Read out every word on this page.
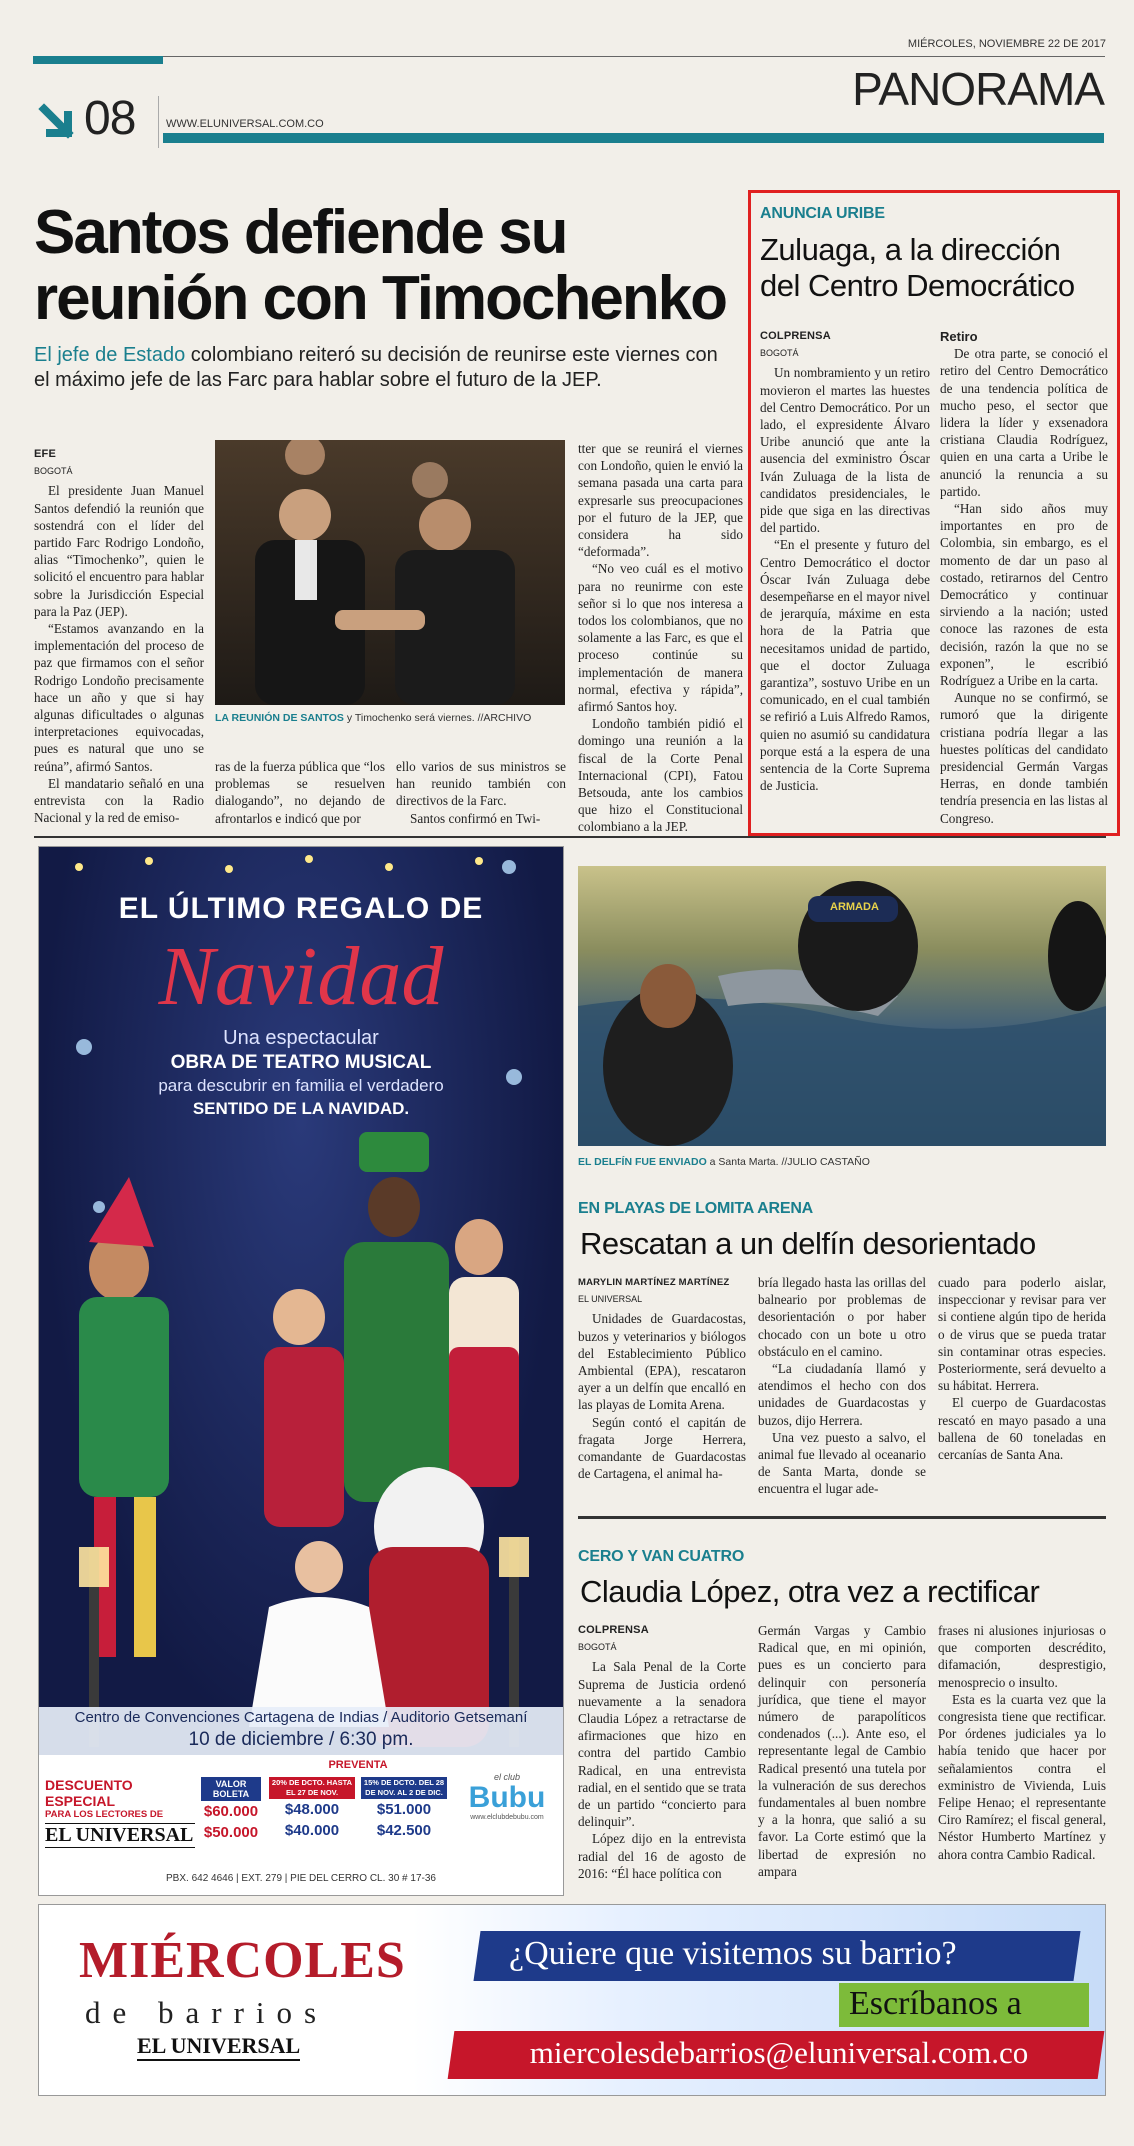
MIÉRCOLES, NOVIEMBRE 22 DE 2017
08	WWW.ELUNIVERSAL.COM.CO
PANORAMA
Santos defiende su reunión con Timochenko
El jefe de Estado colombiano reiteró su decisión de reunirse este viernes con el máximo jefe de las Farc para hablar sobre el futuro de la JEP.
EFE
BOGOTÁ

El presidente Juan Manuel Santos defendió la reunión que sostendrá con el líder del partido Farc Rodrigo Londoño, alias “Timochenko”, quien le solicitó el encuentro para hablar sobre la Jurisdicción Especial para la Paz (JEP).

“Estamos avanzando en la implementación del proceso de paz que firmamos con el señor Rodrigo Londoño precisamente hace un año y que si hay algunas dificultades o algunas interpretaciones equivocadas, pues es natural que uno se reúna”, afirmó Santos.

El mandatario señaló en una entrevista con la Radio Nacional y la red de emiso-

LA REUNIÓN DE SANTOS y Timochenko será viernes. //ARCHIVO

ras de la fuerza pública que “los problemas se resuelven dialogando”, no dejando de afrontarlos e indicó que por

ello varios de sus ministros se han reunido también con directivos de la Farc.

Santos confirmó en Twi-

tter que se reunirá el viernes con Londoño, quien le envió la semana pasada una carta para expresarle sus preocupaciones por el futuro de la JEP, que considera ha sido “deformada”.

“No veo cuál es el motivo para no reunirme con este señor si lo que nos interesa a todos los colombianos, que no solamente a las Farc, es que el proceso continúe su implementación de manera normal, efectiva y rápida”, afirmó Santos hoy.

Londoño también pidió el domingo una reunión a la fiscal de la Corte Penal Internacional (CPI), Fatou Betsouda, ante los cambios que hizo el Constitucional colombiano a la JEP.

ANUNCIA URIBE
Zuluaga, a la dirección del Centro Democrático
COLPRENSA
BOGOTÁ

Un nombramiento y un retiro movieron el martes las huestes del Centro Democrático. Por un lado, el expresidente Álvaro Uribe anunció que ante la ausencia del exministro Óscar Iván Zuluaga de la lista de candidatos presidenciales, le pide que siga en las directivas del partido.

“En el presente y futuro del Centro Democrático el doctor Óscar Iván Zuluaga debe desempeñarse en el mayor nivel de jerarquía, máxime en esta hora de la Patria que necesitamos unidad de partido, que el doctor Zuluaga garantiza”, sostuvo Uribe en un comunicado, en el cual también se refirió a Luis Alfredo Ramos, quien no asumió su candidatura porque está a la espera de una sentencia de la Corte Suprema de Justicia.

Retiro

De otra parte, se conoció el retiro del Centro Democrático de una tendencia política de mucho peso, el sector que lidera la líder y exsenadora cristiana Claudia Rodríguez, quien en una carta a Uribe le anunció la renuncia a su partido.

“Han sido años muy importantes en pro de Colombia, sin embargo, es el momento de dar un paso al costado, retirarnos del Centro Democrático y continuar sirviendo a la nación; usted conoce las razones de esta decisión, razón la que no se exponen”, le escribió Rodríguez a Uribe en la carta.

Aunque no se confirmó, se rumoró que la dirigente cristiana podría llegar a las huestes políticas del candidato presidencial Germán Vargas Herras, en donde también tendría presencia en las listas al Congreso.

EL ÚLTIMO REGALO DE
Navidad
Una espectacular
OBRA DE TEATRO MUSICAL
para descubrir en familia el verdadero
SENTIDO DE LA NAVIDAD.
Centro de Convenciones Cartagena de Indias / Auditorio Getsemaní
10 de diciembre / 6:30 pm.
DESCUENTO ESPECIAL
PARA LOS LECTORES DE
EL UNIVERSAL
VALOR BOLETA
$60.000
$50.000
PREVENTA
20% DE DCTO. HASTA EL 27 DE NOV.
$48.000
$40.000
15% DE DCTO. DEL 28 DE NOV. AL 2 DE DIC.
$51.000
$42.500
el club
Bubu
www.elclubdebubu.com
PBX. 642 4646 | EXT. 279 | PIE DEL CERRO CL. 30 # 17-36
ARMADA
EL DELFÍN FUE ENVIADO a Santa Marta. //JULIO CASTAÑO
EN PLAYAS DE LOMITA ARENA
Rescatan a un delfín desorientado
MARYLIN MARTÍNEZ MARTÍNEZ
EL UNIVERSAL

Unidades de Guardacostas, buzos y veterinarios y biólogos del Establecimiento Público Ambiental (EPA), rescataron ayer a un delfín que encalló en las playas de Lomita Arena.

Según contó el capitán de fragata Jorge Herrera, comandante de Guardacostas de Cartagena, el animal ha-

bría llegado hasta las orillas del balneario por problemas de desorientación o por haber chocado con un bote u otro obstáculo en el camino.

“La ciudadanía llamó y atendimos el hecho con dos unidades de Guardacostas y buzos, dijo Herrera.

Una vez puesto a salvo, el animal fue llevado al oceanario de Santa Marta, donde se encuentra el lugar ade-

cuado para poderlo aislar, inspeccionar y revisar para ver si contiene algún tipo de herida o de virus que se pueda tratar sin contaminar otras especies. Posteriormente, será devuelto a su hábitat. Herrera.

El cuerpo de Guardacostas rescató en mayo pasado a una ballena de 60 toneladas en cercanías de Santa Ana.

CERO Y VAN CUATRO
Claudia López, otra vez a rectificar
COLPRENSA
BOGOTÁ

La Sala Penal de la Corte Suprema de Justicia ordenó nuevamente a la senadora Claudia López a retractarse de afirmaciones que hizo en contra del partido Cambio Radical, en una entrevista radial, en el sentido que se trata de un partido “concierto para delinquir”.

López dijo en la entrevista radial del 16 de agosto de 2016: “Él hace política con

Germán Vargas y Cambio Radical que, en mi opinión, pues es un concierto para delinquir con personería jurídica, que tiene el mayor número de parapolíticos condenados (...). Ante eso, el representante legal de Cambio Radical presentó una tutela por la vulneración de sus derechos fundamentales al buen nombre y a la honra, que salió a su favor. La Corte estimó que la libertad de expresión no ampara

frases ni alusiones injuriosas o que comporten descrédito, difamación, desprestigio, menosprecio o insulto.

Esta es la cuarta vez que la congresista tiene que rectificar. Por órdenes judiciales ya lo había tenido que hacer por señalamientos contra el exministro de Vivienda, Luis Felipe Henao; el representante Ciro Ramírez; el fiscal general, Néstor Humberto Martínez y ahora contra Cambio Radical.

MIÉRCOLES
de barrios
EL UNIVERSAL
¿Quiere que visitemos su barrio?
Escríbanos a
miercolesdebarrios@eluniversal.com.co
